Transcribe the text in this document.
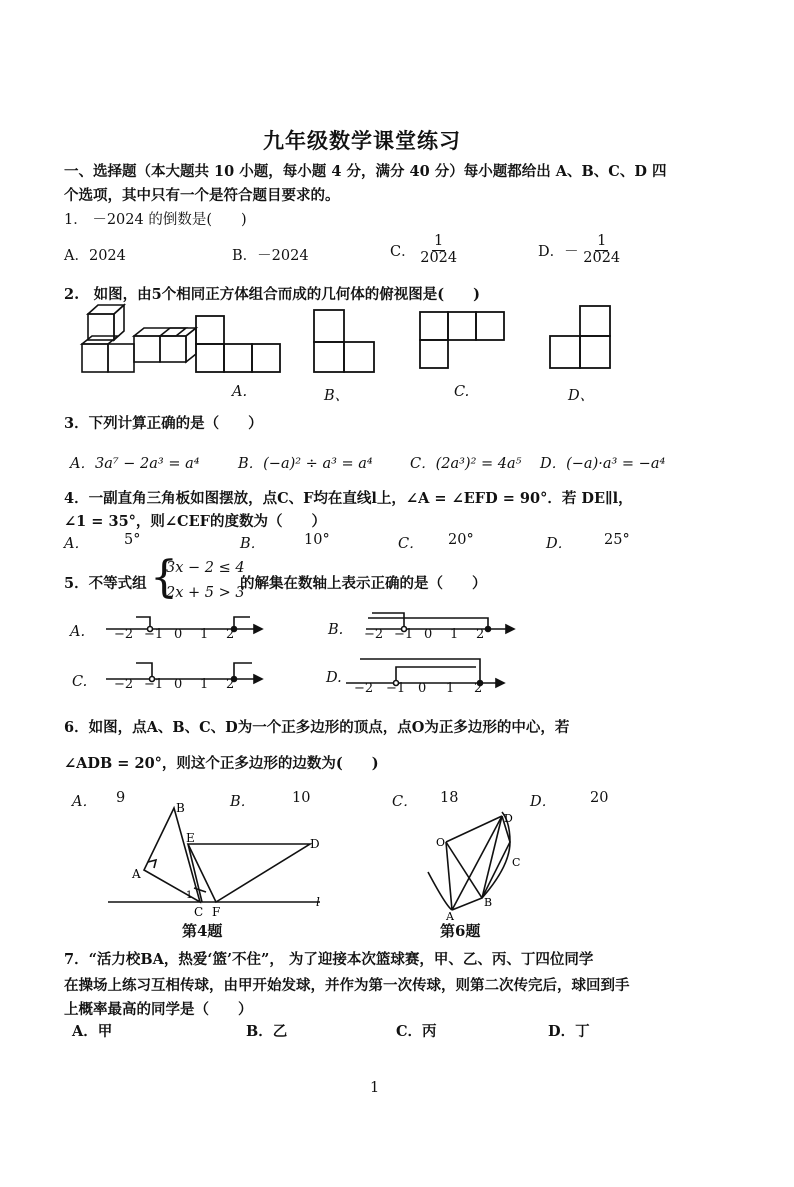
九年级数学课堂练习
一、选择题（本大题共 10 小题，每小题 4 分，满分 40 分）每小题都给出 A、B、C、D 四
个选项，其中只有一个是符合题目要求的。
1． －2024 的倒数是(　　)
A．2024	B．－2024	C． $\frac{1}{2024}$	D．－ $\frac{1}{2024}$
2.　如图，由5个相同正方体组合而成的几何体的俯视图是(　　)
A.	B、	C.	D、
3．下列计算正确的是（　　）
A．3a⁷ − 2a³ = a⁴	B．(−a)² ÷ a³ = a⁴	C．(2a³)² = 4a⁵ D．(−a)·a³ = −a⁴
4．一副直角三角板如图摆放，点C、F均在直线l上，∠A = ∠EFD = 90°．若 DE∥l，
∠1 = 35°，则∠CEF的度数为（　　）
A． 5°	B．	10°	C． 20°	D． 25°
5．不等式组 {
3x − 2 ≤ 4
2x + 5 > 3
的解集在数轴上表示正确的是（　　）
A.	B.
C.	D.
−2 −1 0 1 2	−2 −1 0 1 2
−2 −1 0 1 2	−2 −1 0 1 2
6．如图，点A、B、C、D为一个正多边形的顶点，点O为正多边形的中心，若
∠ADB = 20°，则这个正多边形的边数为(　　)
A． 9	B．	10	C． 18	D． 20
B
E	D
A
1
C F
l
第4题
O
D
C
B
A
第6题
7．“活力校BA，热爱‘篮’不住”， 为了迎接本次篮球赛，甲、乙、丙、丁四位同学
在操场上练习互相传球，由甲开始发球，并作为第一次传球，则第二次传完后，球回到手
上概率最高的同学是（　　）
A．甲	B．乙	C．丙	D．丁
1
